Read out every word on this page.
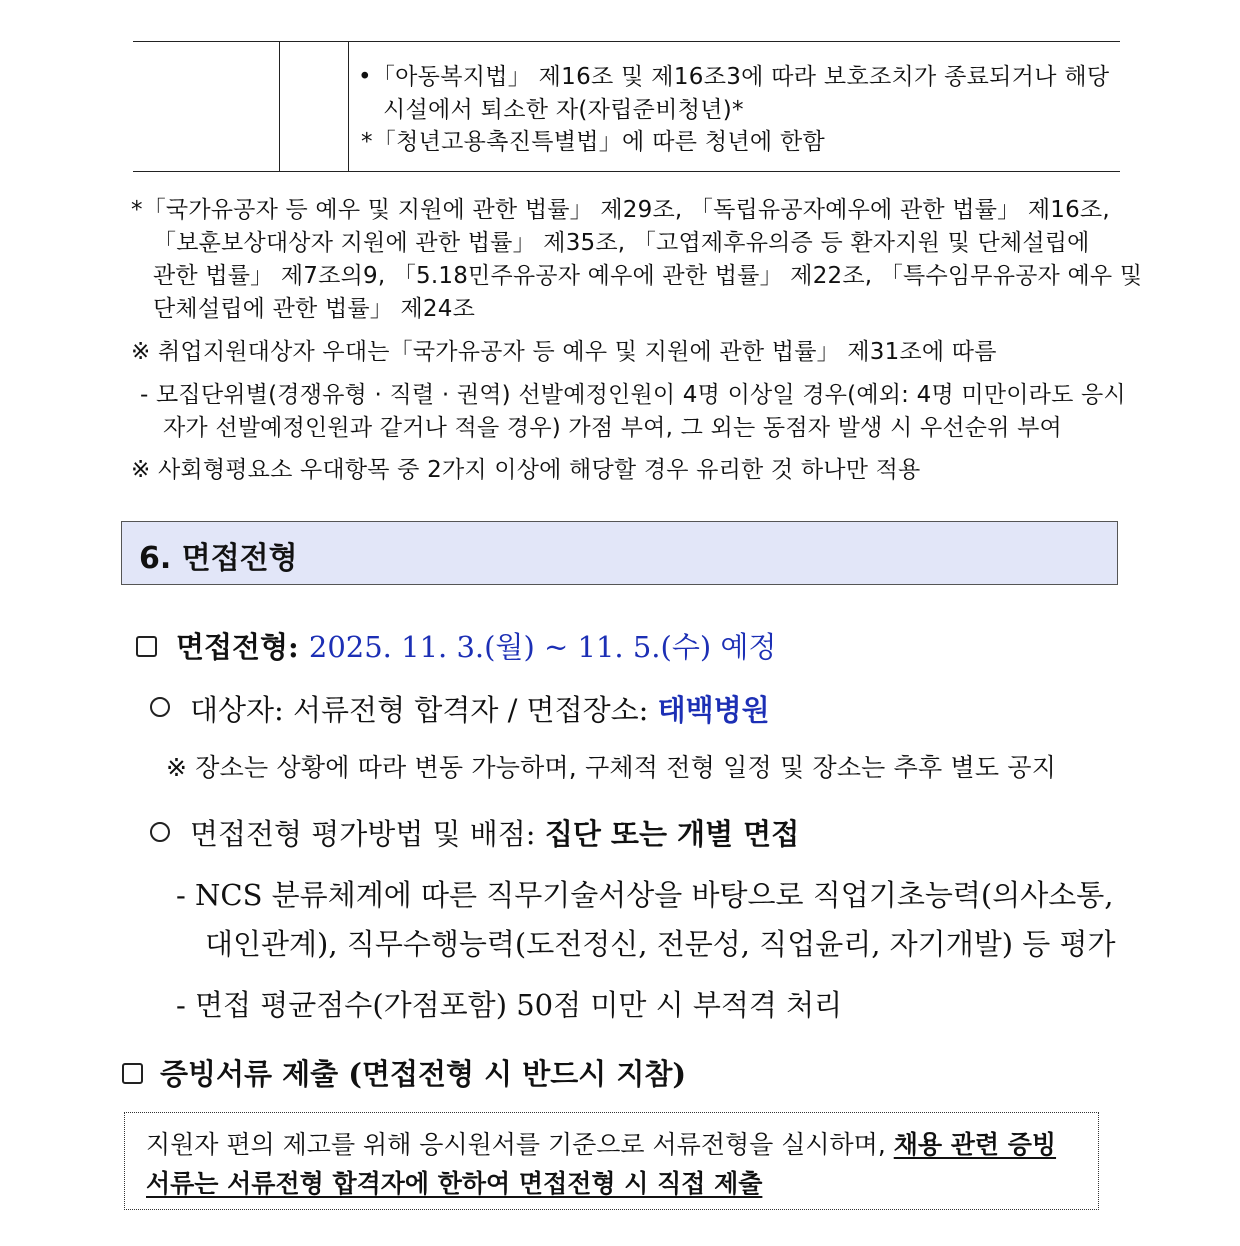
•「아동복지법」 제16조 및 제16조3에 따라 보호조치가 종료되거나 해당
시설에서 퇴소한 자(자립준비청년)*
*「청년고용촉진특별법」에 따른 청년에 한함
*「국가유공자 등 예우 및 지원에 관한 법률」 제29조, 「독립유공자예우에 관한 법률」 제16조,
「보훈보상대상자 지원에 관한 법률」 제35조, 「고엽제후유의증 등 환자지원 및 단체설립에
관한 법률」 제7조의9, 「5.18민주유공자 예우에 관한 법률」 제22조, 「특수임무유공자 예우 및
단체설립에 관한 법률」 제24조
※ 취업지원대상자 우대는「국가유공자 등 예우 및 지원에 관한 법률」 제31조에 따름
- 모집단위별(경쟁유형 · 직렬 · 권역) 선발예정인원이 4명 이상일 경우(예외: 4명 미만이라도 응시
자가 선발예정인원과 같거나 적을 경우) 가점 부여, 그 외는 동점자 발생 시 우선순위 부여
※ 사회형평요소 우대항목 중 2가지 이상에 해당할 경우 유리한 것 하나만 적용
6. 면접전형
면접전형: 2025. 11. 3.(월) ~ 11. 5.(수) 예정
대상자: 서류전형 합격자 / 면접장소: 태백병원
※ 장소는 상황에 따라 변동 가능하며, 구체적 전형 일정 및 장소는 추후 별도 공지
면접전형 평가방법 및 배점: 집단 또는 개별 면접
- NCS 분류체계에 따른 직무기술서상을 바탕으로 직업기초능력(의사소통,
대인관계), 직무수행능력(도전정신, 전문성, 직업윤리, 자기개발) 등 평가
- 면접 평균점수(가점포함) 50점 미만 시 부적격 처리
증빙서류 제출 (면접전형 시 반드시 지참)
지원자 편의 제고를 위해 응시원서를 기준으로 서류전형을 실시하며, 채용 관련 증빙
서류는 서류전형 합격자에 한하여 면접전형 시 직접 제출
